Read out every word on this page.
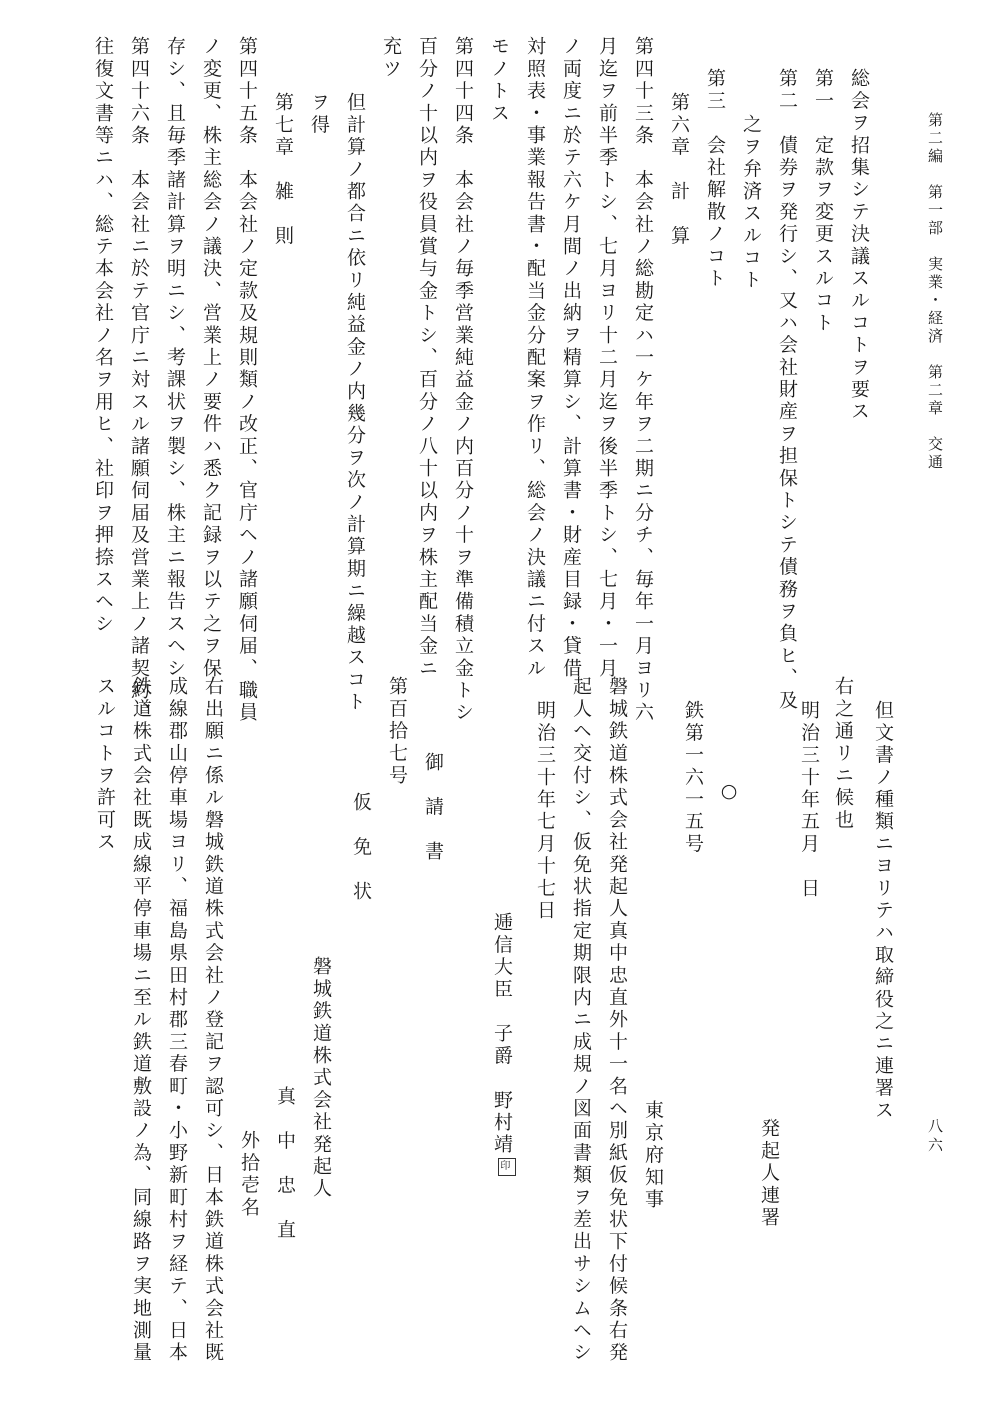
第二編　第一部　実業・経済　第二章　交通
八六
総会ヲ招集シテ決議スルコトヲ要ス
第一　定款ヲ変更スルコト
第二　債券ヲ発行シ、又ハ会社財産ヲ担保トシテ債務ヲ負ヒ、及
之ヲ弁済スルコト
第三　会社解散ノコト
第六章　計　算
第四十三条　本会社ノ総勘定ハ一ケ年ヲ二期ニ分チ、毎年一月ヨリ六
月迄ヲ前半季トシ、七月ヨリ十二月迄ヲ後半季トシ、七月・一月
ノ両度ニ於テ六ケ月間ノ出納ヲ精算シ、計算書・財産目録・貸借
対照表・事業報告書・配当金分配案ヲ作リ、総会ノ決議ニ付スル
モノトス
第四十四条　本会社ノ毎季営業純益金ノ内百分ノ十ヲ準備積立金トシ
百分ノ十以内ヲ役員賞与金トシ、百分ノ八十以内ヲ株主配当金ニ
充ツ
但計算ノ都合ニ依リ純益金ノ内幾分ヲ次ノ計算期ニ繰越スコト
ヲ得
第七章　雑　則
第四十五条　本会社ノ定款及規則類ノ改正、官庁ヘノ諸願伺届、職員
ノ変更、株主総会ノ議決、営業上ノ要件ハ悉ク記録ヲ以テ之ヲ保
存シ、且毎季諸計算ヲ明ニシ、考課状ヲ製シ、株主ニ報告スヘシ
第四十六条　本会社ニ於テ官庁ニ対スル諸願伺届及営業上ノ諸契約、
往復文書等ニハ、総テ本会社ノ名ヲ用ヒ、社印ヲ押捺スヘシ
但文書ノ種類ニヨリテハ取締役之ニ連署ス
右之通リニ候也
明治三十年五月　日
発起人連署
○
鉄第一六一五号
東京府知事
磐城鉄道株式会社発起人真中忠直外十一名ヘ別紙仮免状下付候条右発
起人ヘ交付シ、仮免状指定期限内ニ成規ノ図面書類ヲ差出サシムヘシ
明治三十年七月十七日
逓信大臣　子爵　野村靖印
御　請　書
第百拾七号
仮　免　状
磐城鉄道株式会社発起人
真　中　忠　直
外拾壱名
右出願ニ係ル磐城鉄道株式会社ノ登記ヲ認可シ、日本鉄道株式会社既
成線郡山停車場ヨリ、福島県田村郡三春町・小野新町村ヲ経テ、日本
鉄道株式会社既成線平停車場ニ至ル鉄道敷設ノ為、同線路ヲ実地測量
スルコトヲ許可ス
